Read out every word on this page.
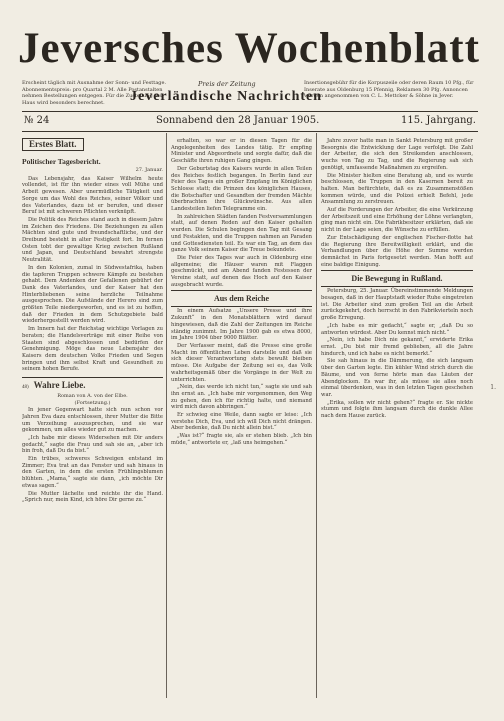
Jeversches Wochenblatt
Erscheint täglich mit Ausnahme der Sonn- und Festtage. Abonnementspreis: pro Quartal 2 M. Alle Postanstalten nehmen Bestellungen entgegen. Für die Zustellung ins Haus wird besonders berechnet.
Preis der Zeitung	Insertionsgebühr für die Korpuszeile oder deren Raum 10 Pfg., für Inserate aus Oldenburg 15 Pfennig, Reklamen 30 Pfg. Annoncen werden angenommen von C. L. Mettcker & Söhne in Jever.
Jeverländische Nachrichten
№ 24	Sonnabend den 28 Januar 1905.	115. Jahrgang.
Erstes Blatt.
Politischer Tagesbericht.
27. Januar.

Das Lebensjahr, das Kaiser Wilhelm heute vollendet, ist für ihn wieder eines voll Mühe und Arbeit gewesen. Aber unermüdliche Tätigkeit und Sorge um das Wohl des Reiches, seiner Völker und des Vaterlandes, dazu ist er berufen, und dieser Beruf ist mit schweren Pflichten verknüpft.

Die Politik des Reiches stand auch in diesem Jahre im Zeichen des Friedens. Die Beziehungen zu allen Mächten sind gute und freundschaftliche, und der Dreibund besteht in alter Festigkeit fort. Im fernen Osten tobt der gewaltige Krieg zwischen Rußland und Japan, und Deutschland bewahrt strengste Neutralität.

In den Kolonien, zumal in Südwestafrika, haben die tapferen Truppen schwere Kämpfe zu bestehen gehabt. Dem Andenken der Gefallenen gebührt der Dank des Vaterlandes, und der Kaiser hat den Hinterbliebenen seine herzliche Teilnahme ausgesprochen. Die Aufstände der Herero sind zum größten Teile niedergeworfen, und es ist zu hoffen, daß der Frieden in dem Schutzgebiete bald wiederhergestellt werden wird.

Im Innern hat der Reichstag wichtige Vorlagen zu beraten; die Handelsverträge mit einer Reihe von Staaten sind abgeschlossen und bedürfen der Genehmigung. Möge das neue Lebensjahr des Kaisers dem deutschen Volke Frieden und Segen bringen und ihm selbst Kraft und Gesundheit zu seinem hohen Berufe.

48) Wahre Liebe.

Roman von A. von der Elbe.

(Fortsetzung.)

In jener Gegenwart hatte sich nun schon vor Jahren Eva dazu entschlossen, ihrer Mutter die Bitte um Verzeihung auszusprechen, und sie war gekommen, um alles wieder gut zu machen.

„Ich habe mir dieses Widersehen mit Dir anders gedacht,“ sagte die Frau und sah sie an, „aber ich bin froh, daß Du da bist.“

Ein trübes, schweres Schweigen entstand im Zimmer; Eva trat an das Fenster und sah hinaus in den Garten, in dem die ersten Frühlingsblumen blühten. „Mama,“ sagte sie dann, „ich möchte Dir etwas sagen.“

Die Mutter lächelte und reichte ihr die Hand. „Sprich nur, mein Kind, ich höre Dir gerne zu.“

erhalten, so war er in diesen Tagen für die Angelegenheiten des Landes tätig. Er empfing Minister und Abgeordnete und sorgte dafür, daß die Geschäfte ihren ruhigen Gang gingen.

Der Geburtstag des Kaisers wurde in allen Teilen des Reiches festlich begangen. In Berlin fand zur Feier des Tages ein großer Empfang im Königlichen Schlosse statt; die Prinzen des königlichen Hauses, die Botschafter und Gesandten der fremden Mächte überbrachten ihre Glückwünsche. Aus allen Landesteilen liefen Telegramme ein.

In zahlreichen Städten fanden Festversammlungen statt, auf denen Reden auf den Kaiser gehalten wurden. Die Schulen begingen den Tag mit Gesang und Festakten, und die Truppen nahmen an Paraden und Gottesdiensten teil. Es war ein Tag, an dem das ganze Volk seinem Kaiser die Treue bekundete.

Die Feier des Tages war auch in Oldenburg eine allgemeine; die Häuser waren mit Flaggen geschmückt, und am Abend fanden Festessen der Vereine statt, auf denen das Hoch auf den Kaiser ausgebracht wurde.

Aus dem Reiche

In einem Aufsatze „Unsere Presse und ihre Zukunft“ in den Monatsblättern wird darauf hingewiesen, daß die Zahl der Zeitungen im Reiche ständig zunimmt. Im Jahre 1900 gab es etwa 8000, im Jahre 1904 über 9000 Blätter.

Der Verfasser meint, daß die Presse eine große Macht im öffentlichen Leben darstelle und daß sie sich dieser Verantwortung stets bewußt bleiben müsse. Die Aufgabe der Zeitung sei es, das Volk wahrheitsgemäß über die Vorgänge in der Welt zu unterrichten.

„Nein, das werde ich nicht tun,“ sagte sie und sah ihn ernst an. „Ich habe mir vorgenommen, den Weg zu gehen, den ich für richtig halte, und niemand wird mich davon abbringen.“

Er schwieg eine Weile, dann sagte er leise: „Ich verstehe Dich, Eva, und ich will Dich nicht drängen. Aber bedenke, daß Du nicht allein bist.“

„Was ist?“ fragte sie, als er stehen blieb. „Ich bin müde,“ antwortete er, „laß uns heimgehen.“

Jahre zuvor hatte man in Sankt Petersburg mit großer Besorgnis die Entwicklung der Lage verfolgt. Die Zahl der Arbeiter, die sich den Streikenden anschlossen, wuchs von Tag zu Tag, und die Regierung sah sich genötigt, umfassende Maßnahmen zu ergreifen.

Die Minister hielten eine Beratung ab, und es wurde beschlossen, die Truppen in den Kasernen bereit zu halten. Man befürchtete, daß es zu Zusammenstößen kommen würde, und die Polizei erhielt Befehl, jede Ansammlung zu zerstreuen.

Auf die Forderungen der Arbeiter, die eine Verkürzung der Arbeitszeit und eine Erhöhung der Löhne verlangten, ging man nicht ein. Die Fabrikbesitzer erklärten, daß sie nicht in der Lage seien, die Wünsche zu erfüllen.

Zur Entschädigung der englischen Fischer-flotte hat die Regierung ihre Bereitwilligkeit erklärt, und die Verhandlungen über die Höhe der Summe werden demnächst in Paris fortgesetzt werden. Man hofft auf eine baldige Einigung.

Die Bewegung in Rußland.

Petersburg, 25. Januar. Übereinstimmende Meldungen besagen, daß in der Hauptstadt wieder Ruhe eingetreten ist. Die Arbeiter sind zum großen Teil an die Arbeit zurückgekehrt, doch herrscht in den Fabrikvierteln noch große Erregung.

„Ich habe es mir gedacht,“ sagte er, „daß Du so antworten würdest. Aber Du kennst mich nicht.“

„Nein, ich habe Dich nie gekannt,“ erwiderte Erika ernst. „Du bist mir fremd geblieben, all die Jahre hindurch, und ich habe es nicht bemerkt.“

Sie sah hinaus in die Dämmerung, die sich langsam über den Garten legte. Ein kühler Wind strich durch die Bäume, und von ferne hörte man das Läuten der Abendglocken. Es war ihr, als müsse sie alles noch einmal überdenken, was in den letzten Tagen geschehen war.

„Erika, sollen wir nicht gehen?“ fragte er. Sie nickte stumm und folgte ihm langsam durch die dunkle Allee nach dem Hause zurück.

1.
